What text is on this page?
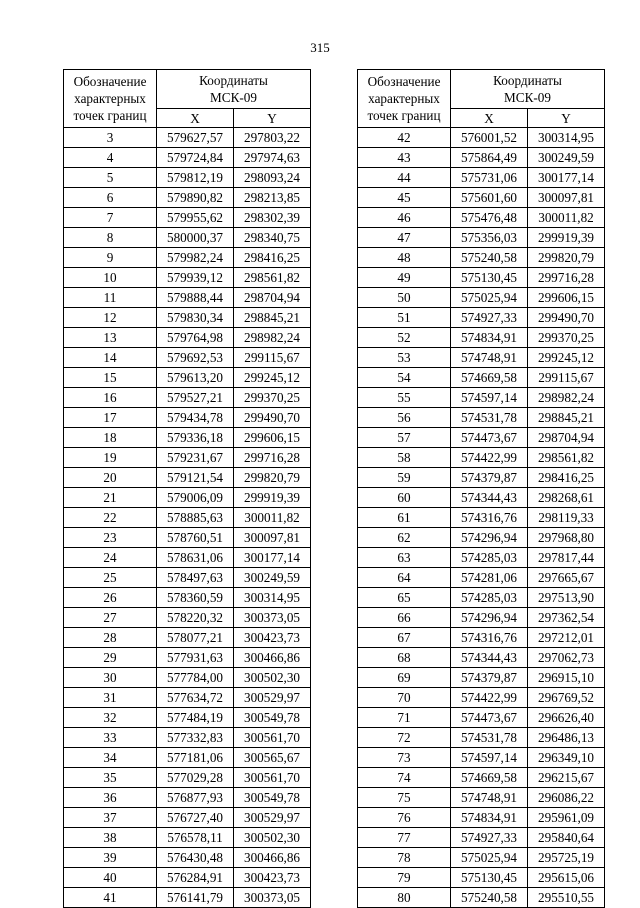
315
Обозначение
характерных
точек границ	Координаты
МСК-09	

	X	Y
3	579627,57	297803,22
4	579724,84	297974,63
5	579812,19	298093,24
6	579890,82	298213,85
7	579955,62	298302,39
8	580000,37	298340,75
9	579982,24	298416,25
10	579939,12	298561,82
11	579888,44	298704,94
12	579830,34	298845,21
13	579764,98	298982,24
14	579692,53	299115,67
15	579613,20	299245,12
16	579527,21	299370,25
17	579434,78	299490,70
18	579336,18	299606,15
19	579231,67	299716,28
20	579121,54	299820,79
21	579006,09	299919,39
22	578885,63	300011,82
23	578760,51	300097,81
24	578631,06	300177,14
25	578497,63	300249,59
26	578360,59	300314,95
27	578220,32	300373,05
28	578077,21	300423,73
29	577931,63	300466,86
30	577784,00	300502,30
31	577634,72	300529,97
32	577484,19	300549,78
33	577332,83	300561,70
34	577181,06	300565,67
35	577029,28	300561,70
36	576877,93	300549,78
37	576727,40	300529,97
38	576578,11	300502,30
39	576430,48	300466,86
40	576284,91	300423,73
41	576141,79	300373,05
Обозначение
характерных
точек границ	Координаты
МСК-09	

	X	Y
42	576001,52	300314,95
43	575864,49	300249,59
44	575731,06	300177,14
45	575601,60	300097,81
46	575476,48	300011,82
47	575356,03	299919,39
48	575240,58	299820,79
49	575130,45	299716,28
50	575025,94	299606,15
51	574927,33	299490,70
52	574834,91	299370,25
53	574748,91	299245,12
54	574669,58	299115,67
55	574597,14	298982,24
56	574531,78	298845,21
57	574473,67	298704,94
58	574422,99	298561,82
59	574379,87	298416,25
60	574344,43	298268,61
61	574316,76	298119,33
62	574296,94	297968,80
63	574285,03	297817,44
64	574281,06	297665,67
65	574285,03	297513,90
66	574296,94	297362,54
67	574316,76	297212,01
68	574344,43	297062,73
69	574379,87	296915,10
70	574422,99	296769,52
71	574473,67	296626,40
72	574531,78	296486,13
73	574597,14	296349,10
74	574669,58	296215,67
75	574748,91	296086,22
76	574834,91	295961,09
77	574927,33	295840,64
78	575025,94	295725,19
79	575130,45	295615,06
80	575240,58	295510,55
